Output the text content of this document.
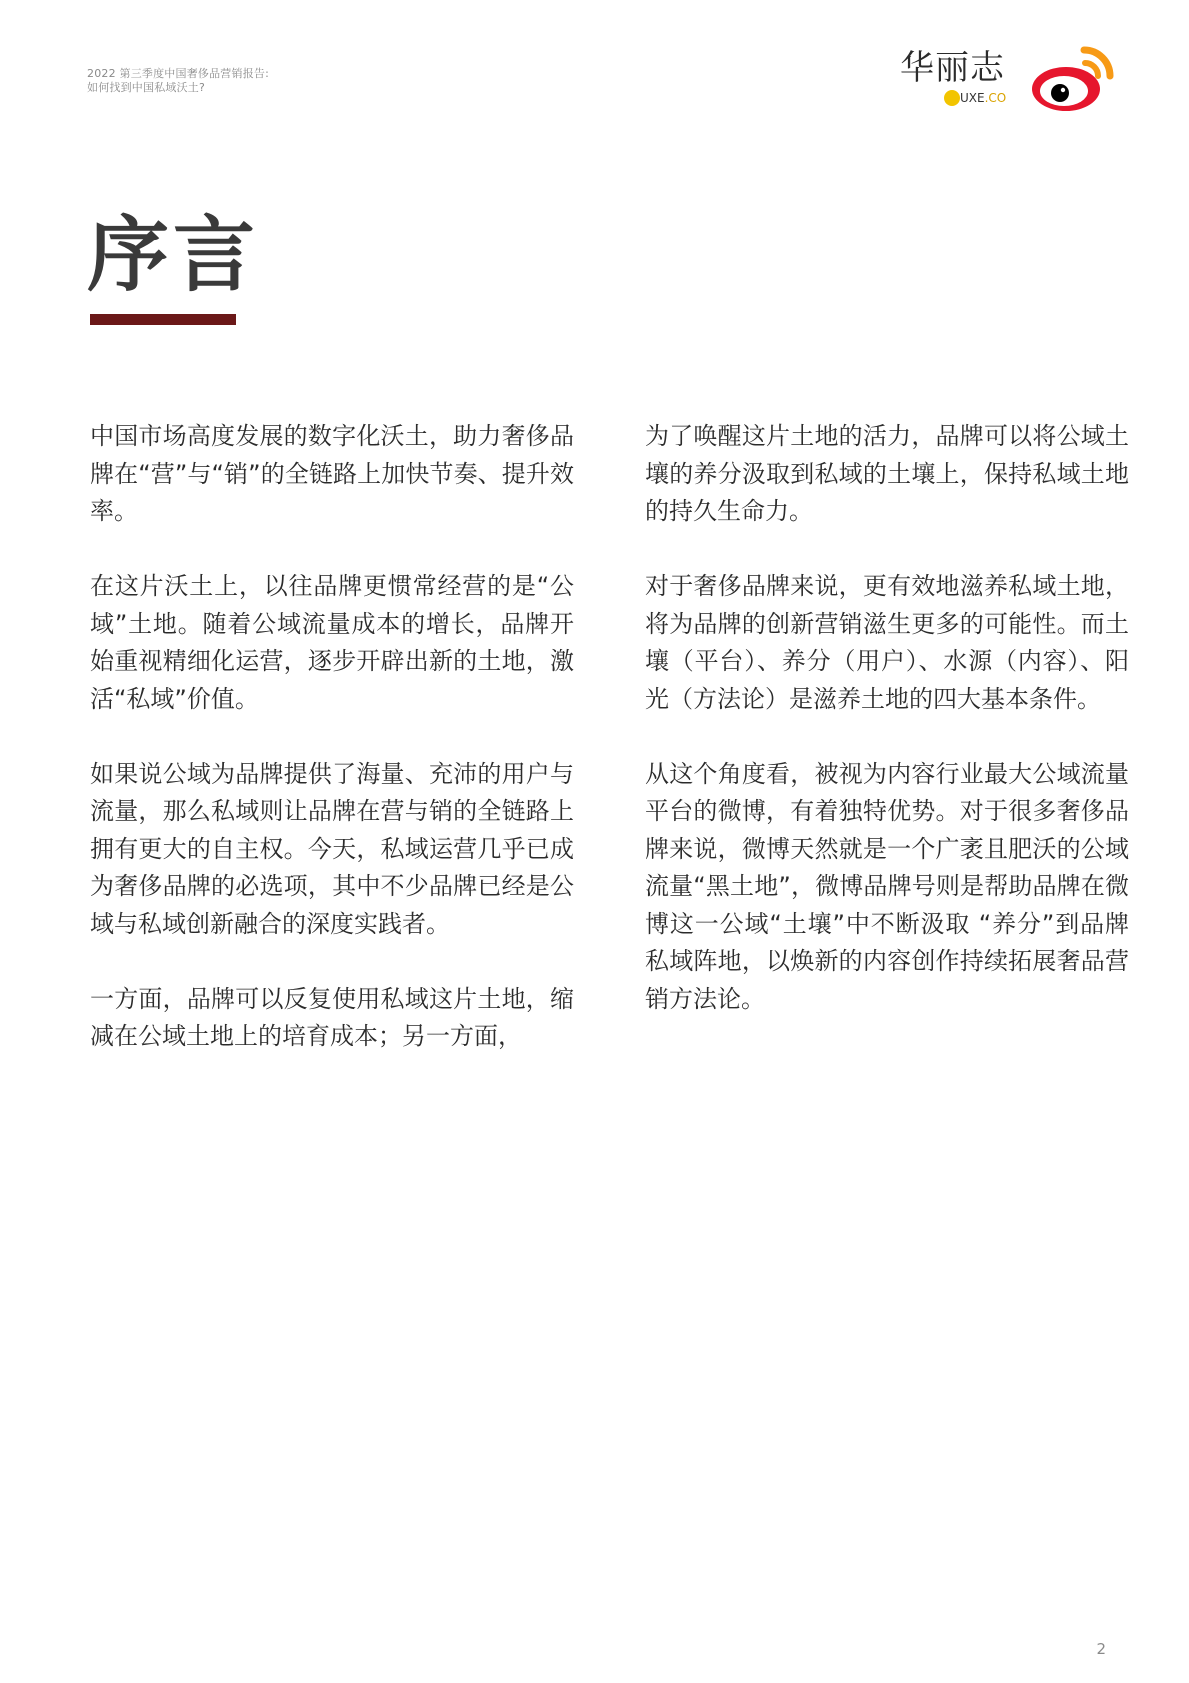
2022 第三季度中国奢侈品营销报告:
如何找到中国私域沃土?	华丽志
UXE.CO
序言

中国市场高度发展的数字化沃土，助力奢侈品牌在“营”与“销”的全链路上加快节奏、提升效率。

在这片沃土上，以往品牌更惯常经营的是“公域”土地。随着公域流量成本的增长，品牌开始重视精细化运营，逐步开辟出新的土地，激活“私域”价值。

如果说公域为品牌提供了海量、充沛的用户与流量，那么私域则让品牌在营与销的全链路上拥有更大的自主权。今天，私域运营几乎已成为奢侈品牌的必选项，其中不少品牌已经是公域与私域创新融合的深度实践者。

一方面，品牌可以反复使用私域这片土地，缩减在公域土地上的培育成本；另一方面，

为了唤醒这片土地的活力，品牌可以将公域土壤的养分汲取到私域的土壤上，保持私域土地的持久生命力。

对于奢侈品牌来说，更有效地滋养私域土地，将为品牌的创新营销滋生更多的可能性。而土壤（平台）、养分（用户）、水源（内容）、阳光（方法论）是滋养土地的四大基本条件。

从这个角度看，被视为内容行业最大公域流量平台的微博，有着独特优势。对于很多奢侈品牌来说，微博天然就是一个广袤且肥沃的公域流量“黑土地”，微博品牌号则是帮助品牌在微博这一公域“土壤”中不断汲取 “养分”到品牌私域阵地，以焕新的内容创作持续拓展奢品营销方法论。

2
